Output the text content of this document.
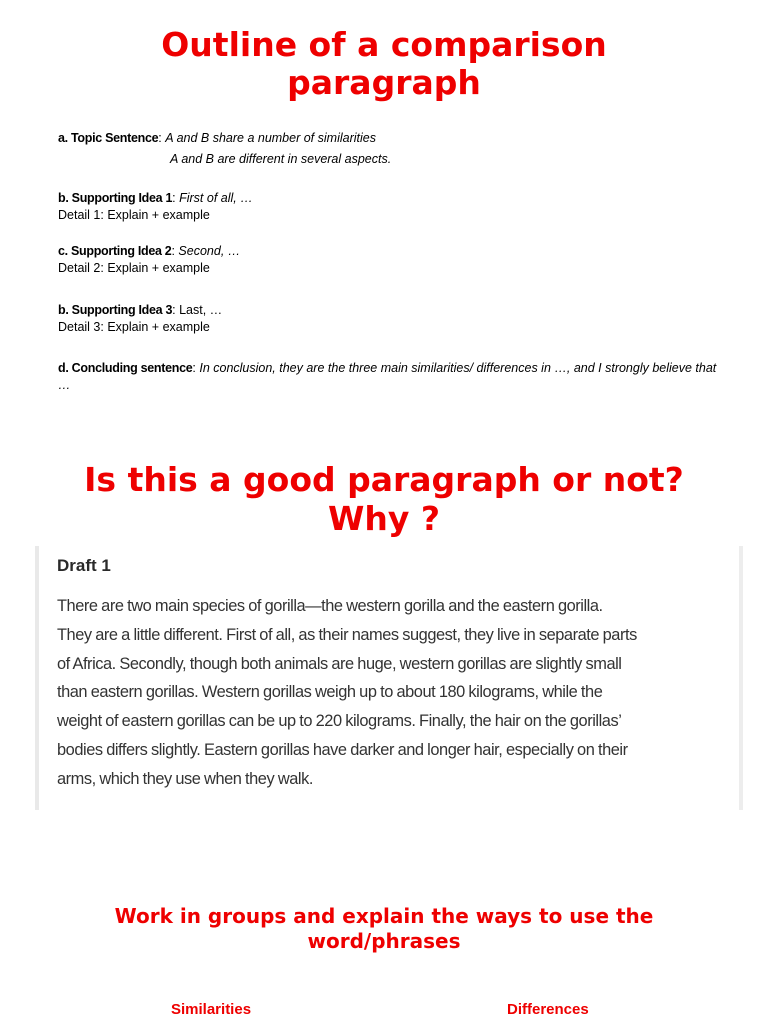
Outline of a comparison paragraph
a. Topic Sentence: A and B share a number of similarities
A and B are different in several aspects.
b. Supporting Idea 1: First of all, …
Detail 1: Explain + example
c. Supporting Idea 2: Second, …
Detail 2: Explain + example
b. Supporting Idea 3: Last, …
Detail 3: Explain + example
d. Concluding sentence: In conclusion, they are the three main similarities/ differences in …, and I strongly believe that …
Is this a good paragraph or not?
Why ?
Draft 1
There are two main species of gorilla—the western gorilla and the eastern gorilla.
They are a little different. First of all, as their names suggest, they live in separate parts
of Africa. Secondly, though both animals are huge, western gorillas are slightly small
than eastern gorillas. Western gorillas weigh up to about 180 kilograms, while the
weight of eastern gorillas can be up to 220 kilograms. Finally, the hair on the gorillas’
bodies differs slightly. Eastern gorillas have darker and longer hair, especially on their
arms, which they use when they walk.
Work in groups and explain the ways to use the word/phrases
Similarities	Differences
